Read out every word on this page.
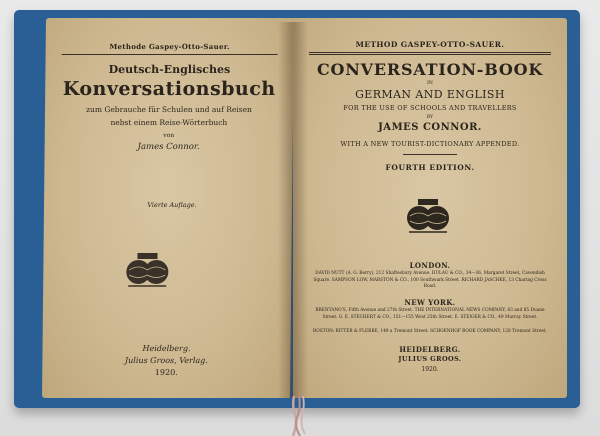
Methode Gaspey-Otto-Sauer.
Deutsch-Englisches
Konversationsbuch
zum Gebrauche für Schulen und auf Reisen
nebst einem Reise-Wörterbuch
von
James Connor.
Vierte Auflage.
Heidelberg.
Julius Groos, Verlag.
1920.
METHOD GASPEY-OTTO-SAUER.
CONVERSATION-BOOK
IN
GERMAN AND ENGLISH
FOR THE USE OF SCHOOLS AND TRAVELLERS
BY
JAMES CONNOR.
WITH A NEW TOURIST-DICTIONARY APPENDED.
FOURTH EDITION.
LONDON.
DAVID NUTT (A. G. Berry), 212 Shaftesbury Avenue. DULAU & CO., 34—36, Margaret Street, Cavendish Square. SAMPSON LOW, MARSTON & CO., 100 Southwark Street. RICHARD JASCHKE, 13 Charing Cross Road.
NEW YORK.
BRENTANO'S, Fifth Avenue and 27th Street. THE INTERNATIONAL NEWS COMPANY, 83 and 85 Duane Street. G. E. STECHERT & CO., 151—155 West 25th Street. E. STEIGER & CO., 49 Murray Street.
BOSTON: RITTER & FLEBBE, 149 a Tremont Street. SCHOENHOF BOOK COMPANY, 128 Tremont Street.
HEIDELBERG.
JULIUS GROOS.
1920.
